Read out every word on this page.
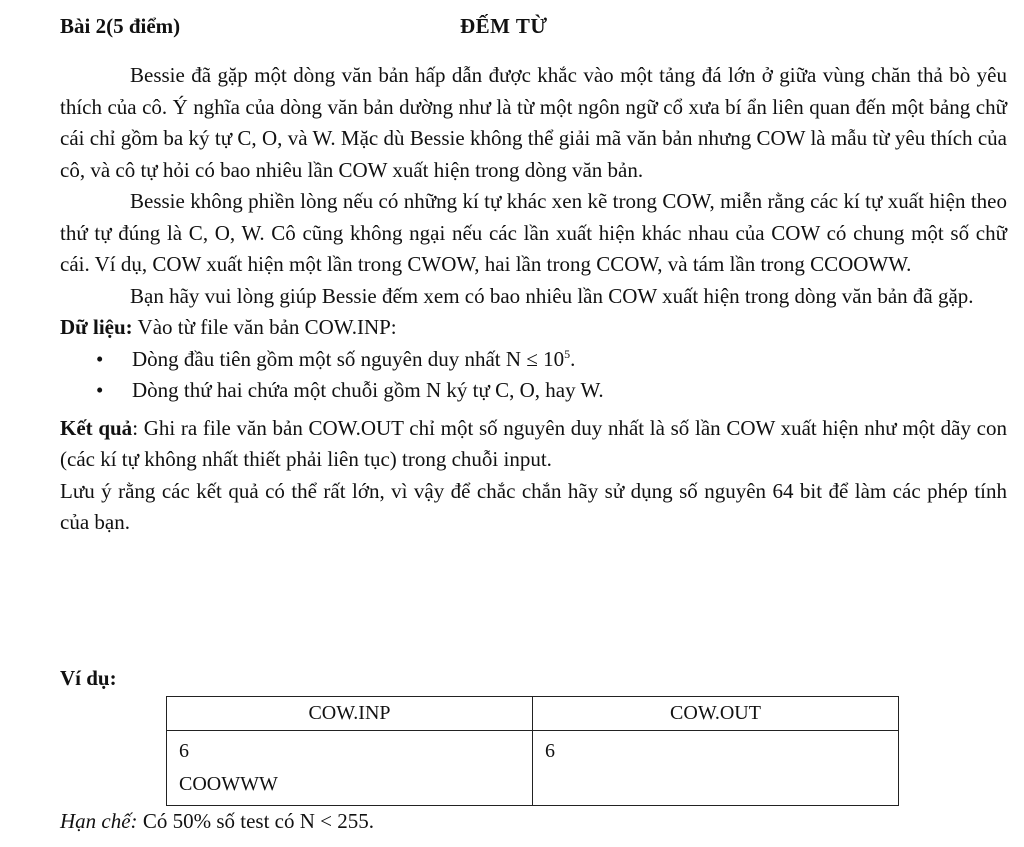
Bài 2(5 điểm)	ĐẾM TỪ

Bessie đã gặp một dòng văn bản hấp dẫn được khắc vào một tảng đá lớn ở giữa vùng chăn thả bò yêu thích của cô. Ý nghĩa của dòng văn bản dường như là từ một ngôn ngữ cổ xưa bí ẩn liên quan đến một bảng chữ cái chỉ gồm ba ký tự C, O, và W. Mặc dù Bessie không thể giải mã văn bản nhưng COW là mẫu từ yêu thích của cô, và cô tự hỏi có bao nhiêu lần COW xuất hiện trong dòng văn bản.

Bessie không phiền lòng nếu có những kí tự khác xen kẽ trong COW, miễn rằng các kí tự xuất hiện theo thứ tự đúng là C, O, W. Cô cũng không ngại nếu các lần xuất hiện khác nhau của COW có chung một số chữ cái. Ví dụ, COW xuất hiện một lần trong CWOW, hai lần trong CCOW, và tám lần trong CCOOWW.

Bạn hãy vui lòng giúp Bessie đếm xem có bao nhiêu lần COW xuất hiện trong dòng văn bản đã gặp.

Dữ liệu: Vào từ file văn bản COW.INP:

• Dòng đầu tiên gồm một số nguyên duy nhất $N \le 10^5$.
• Dòng thứ hai chứa một chuỗi gồm N ký tự C, O, hay W.

Kết quả: Ghi ra file văn bản COW.OUT chỉ một số nguyên duy nhất là số lần COW xuất hiện như một dãy con (các kí tự không nhất thiết phải liên tục) trong chuỗi input.

Lưu ý rằng các kết quả có thể rất lớn, vì vậy để chắc chắn hãy sử dụng số nguyên 64 bit để làm các phép tính của bạn.

Ví dụ:
COW.INP	COW.OUT

6
COOWWW	6
Hạn chế: Có 50% số test có N < 255.
